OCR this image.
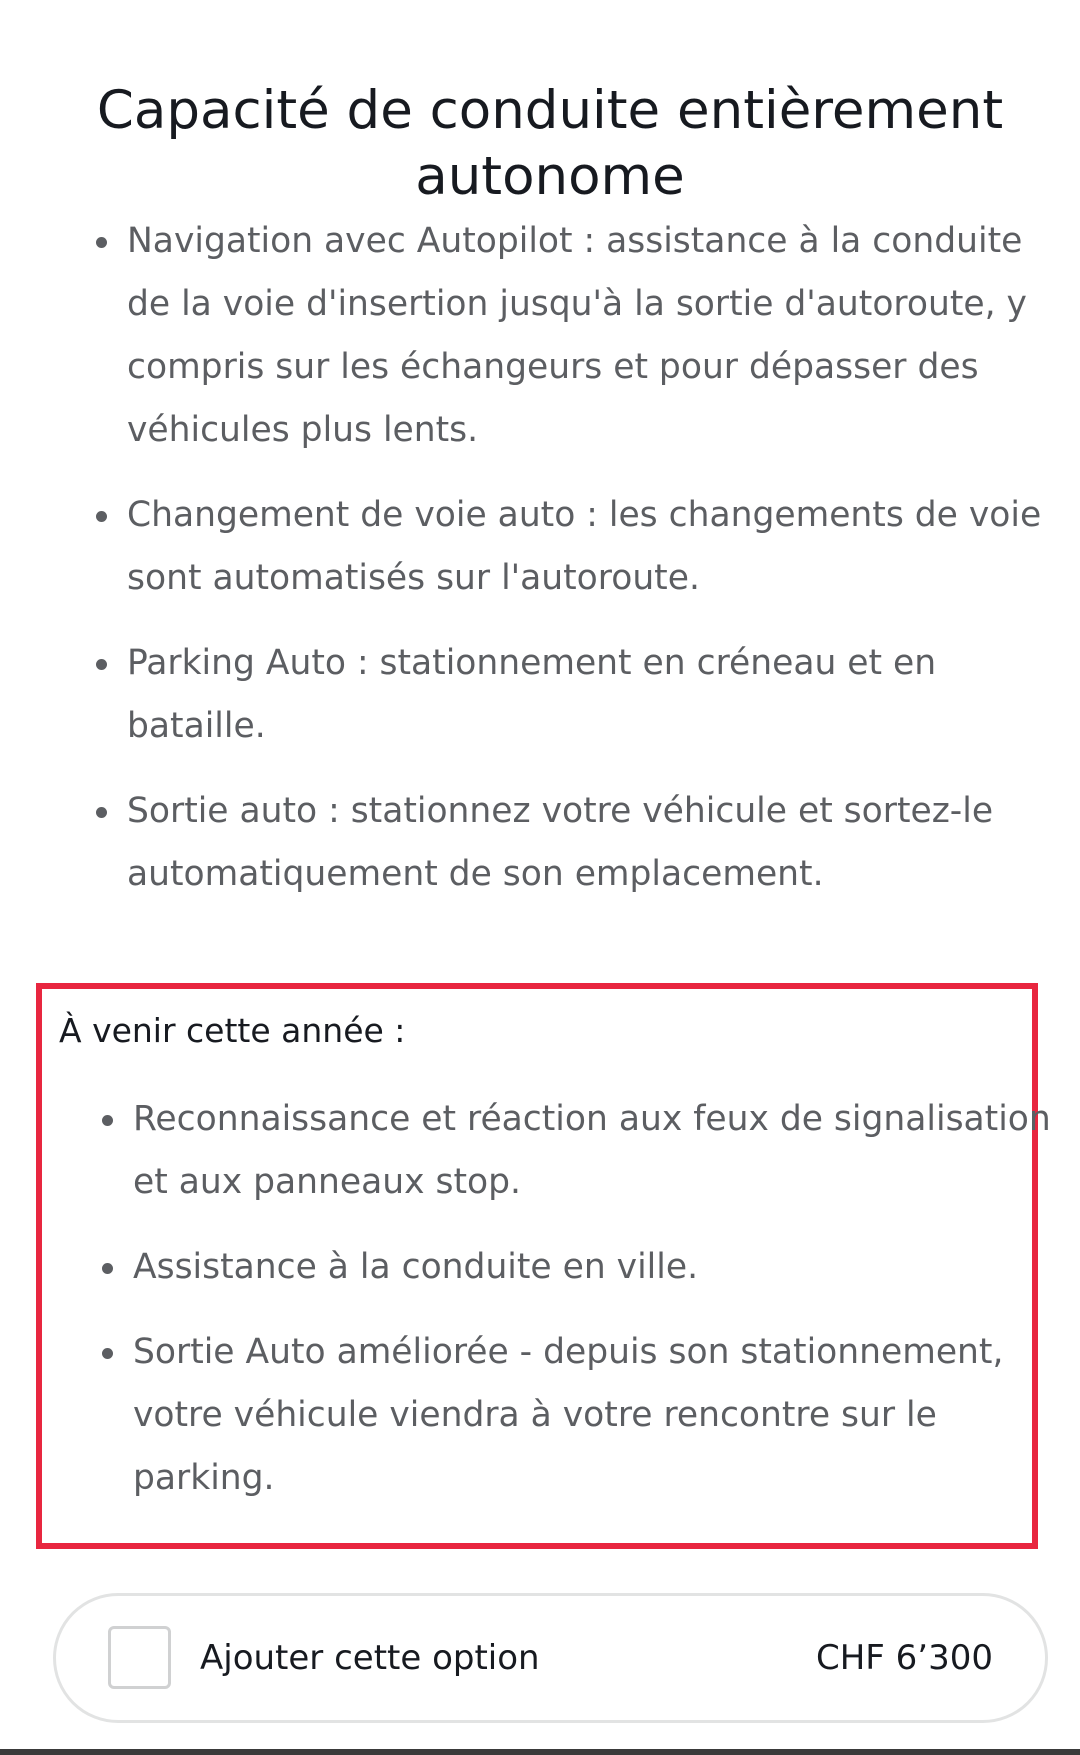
Capacité de conduite entièrement autonome
Navigation avec Autopilot : assistance à la conduite de la voie d'insertion jusqu'à la sortie d'autoroute, y compris sur les échangeurs et pour dépasser des véhicules plus lents.
Changement de voie auto : les changements de voie sont automatisés sur l'autoroute.
Parking Auto : stationnement en créneau et en bataille.
Sortie auto : stationnez votre véhicule et sortez-le automatiquement de son emplacement.
À venir cette année :
Reconnaissance et réaction aux feux de signalisation et aux panneaux stop.
Assistance à la conduite en ville.
Sortie Auto améliorée - depuis son stationnement, votre véhicule viendra à votre rencontre sur le parking.
Ajouter cette option	CHF 6’300
